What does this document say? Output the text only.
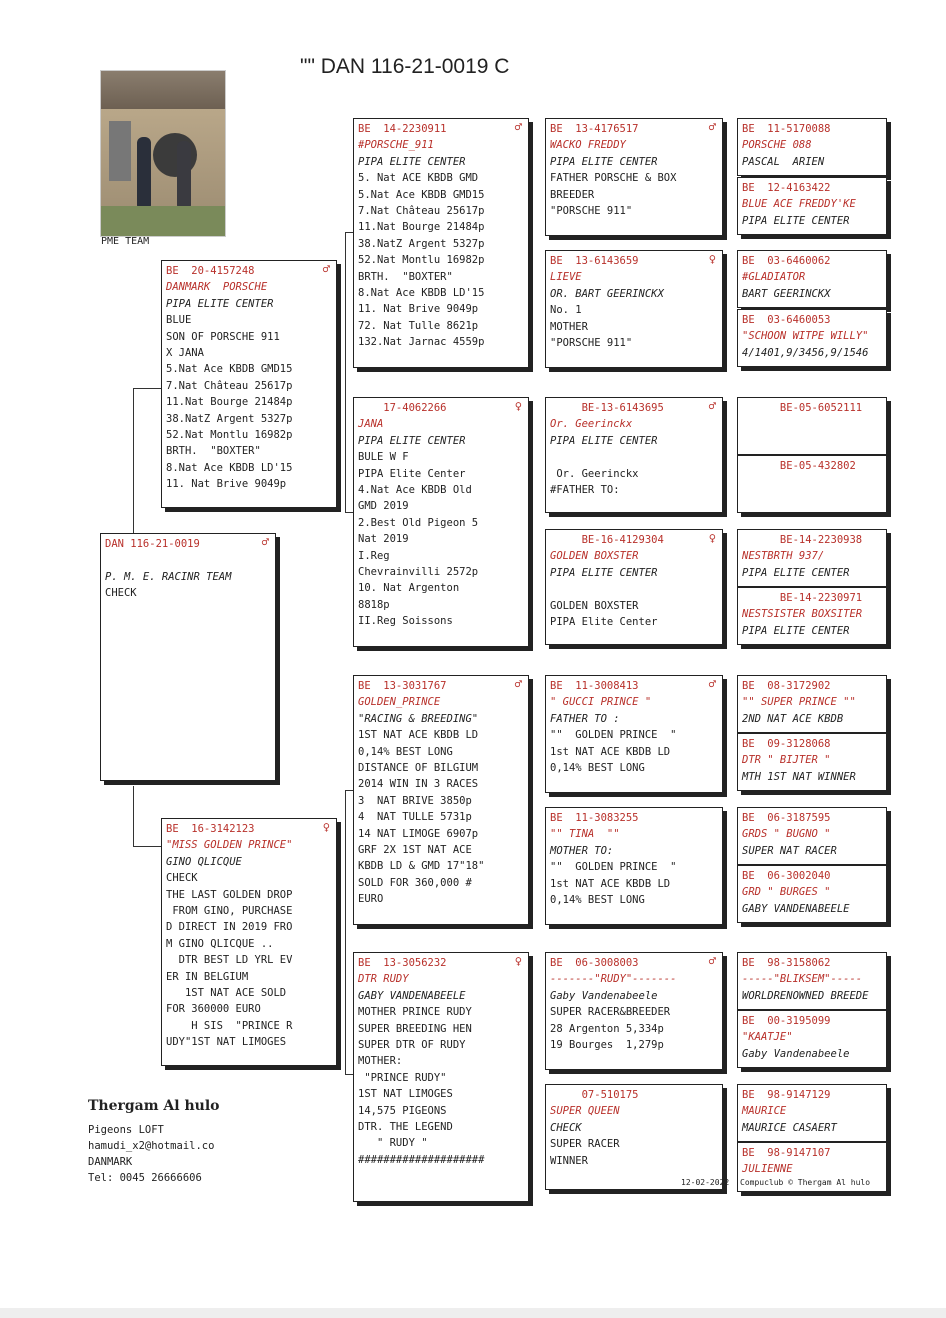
"" DAN 116-21-0019 C
PME TEAM
DAN 116-21-0019
P. M. E. RACINR TEAM
CHECK
♂
BE  20-4157248
DANMARK  PORSCHE
PIPA ELITE CENTER
BLUE
SON OF PORSCHE 911
X JANA
5.Nat Ace KBDB GMD15
7.Nat Château 25617p
11.Nat Bourge 21484p
38.NatZ Argent 5327p
52.Nat Montlu 16982p
BRTH.  "BOXTER"
8.Nat Ace KBDB LD'15
11. Nat Brive 9049p
♂
BE  16-3142123
"MISS GOLDEN PRINCE"
GINO QLICQUE
CHECK
THE LAST GOLDEN DROP
FROM GINO, PURCHASE
D DIRECT IN 2019 FRO
M GINO QLICQUE ..
DTR BEST LD YRL EV
ER IN BELGIUM
1ST NAT ACE SOLD
FOR 360000 EURO
H SIS  "PRINCE R
UDY"1ST NAT LIMOGES
♀
BE  14-2230911
#PORSCHE_911
PIPA ELITE CENTER
5. Nat ACE KBDB GMD
5.Nat Ace KBDB GMD15
7.Nat Château 25617p
11.Nat Bourge 21484p
38.NatZ Argent 5327p
52.Nat Montlu 16982p
BRTH.  "BOXTER"
8.Nat Ace KBDB LD'15
11. Nat Brive 9049p
72. Nat Tulle 8621p
132.Nat Jarnac 4559p
♂
17-4062266
JANA
PIPA ELITE CENTER
BULE W F
PIPA Elite Center
4.Nat Ace KBDB Old
GMD 2019
2.Best Old Pigeon 5
Nat 2019
I.Reg
Chevrainvilli 2572p
10. Nat Argenton
8818p
II.Reg Soissons
♀
BE  13-3031767
GOLDEN_PRINCE
"RACING & BREEDING"
1ST NAT ACE KBDB LD
0,14% BEST LONG
DISTANCE OF BILGIUM
2014 WIN IN 3 RACES
3  NAT BRIVE 3850p
4  NAT TULLE 5731p
14 NAT LIMOGE 6907p
GRF 2X 1ST NAT ACE
KBDB LD & GMD 17"18"
SOLD FOR 360,000 #
EURO
♂
BE  13-3056232
DTR RUDY
GABY VANDENABEELE
MOTHER PRINCE RUDY
SUPER BREEDING HEN
SUPER DTR OF RUDY
MOTHER:
"PRINCE RUDY"
1ST NAT LIMOGES
14,575 PIGEONS
DTR. THE LEGEND
" RUDY "
####################
♀
BE  13-4176517
WACKO FREDDY
PIPA ELITE CENTER
FATHER PORSCHE & BOX
BREEDER
"PORSCHE 911"
♂
BE  13-6143659
LIEVE
OR. BART GEERINCKX
No. 1
MOTHER
"PORSCHE 911"
♀
BE-13-6143695
Or. Geerinckx
PIPA ELITE CENTER
Or. Geerinckx
#FATHER TO:
♂
BE-16-4129304
GOLDEN BOXSTER
PIPA ELITE CENTER
GOLDEN BOXSTER
PIPA Elite Center
♀
BE  11-3008413
" GUCCI PRINCE "
FATHER TO :
""  GOLDEN PRINCE  "
1st NAT ACE KBDB LD
0,14% BEST LONG
♂
BE  11-3083255
"" TINA  ""
MOTHER TO:
""  GOLDEN PRINCE  "
1st NAT ACE KBDB LD
0,14% BEST LONG
BE  06-3008003
-------"RUDY"-------
Gaby Vandenabeele
SUPER RACER&BREEDER
28 Argenton 5,334p
19 Bourges  1,279p
♂
07-510175
SUPER QUEEN
CHECK
SUPER RACER
WINNER
BE  11-5170088
PORSCHE 088
PASCAL  ARIEN
BE  12-4163422
BLUE ACE FREDDY'KE
PIPA ELITE CENTER
BE  03-6460062
#GLADIATOR
BART GEERINCKX
BE  03-6460053
"SCHOON WITPE WILLY"
4/1401,9/3456,9/1546
BE-05-6052111
BE-05-432802
BE-14-2230938
NESTBRTH 937/
PIPA ELITE CENTER
BE-14-2230971
NESTSISTER BOXSITER
PIPA ELITE CENTER
BE  08-3172902
"" SUPER PRINCE ""
2ND NAT ACE KBDB
BE  09-3128068
DTR " BIJTER "
MTH 1ST NAT WINNER
BE  06-3187595
GRDS " BUGNO "
SUPER NAT RACER
BE  06-3002040
GRD " BURGES "
GABY VANDENABEELE
BE  98-3158062
-----"BLIKSEM"-----
WORLDRENOWNED BREEDE
BE  00-3195099
"KAATJE"
Gaby Vandenabeele
BE  98-9147129
MAURICE
MAURICE CASAERT
BE  98-9147107
JULIENNE
Thergam Al hulo
Pigeons LOFT
hamudi_x2@hotmail.co
DANMARK
Tel: 0045 26666606	12-02-2022 Compuclub © Thergam Al hulo
